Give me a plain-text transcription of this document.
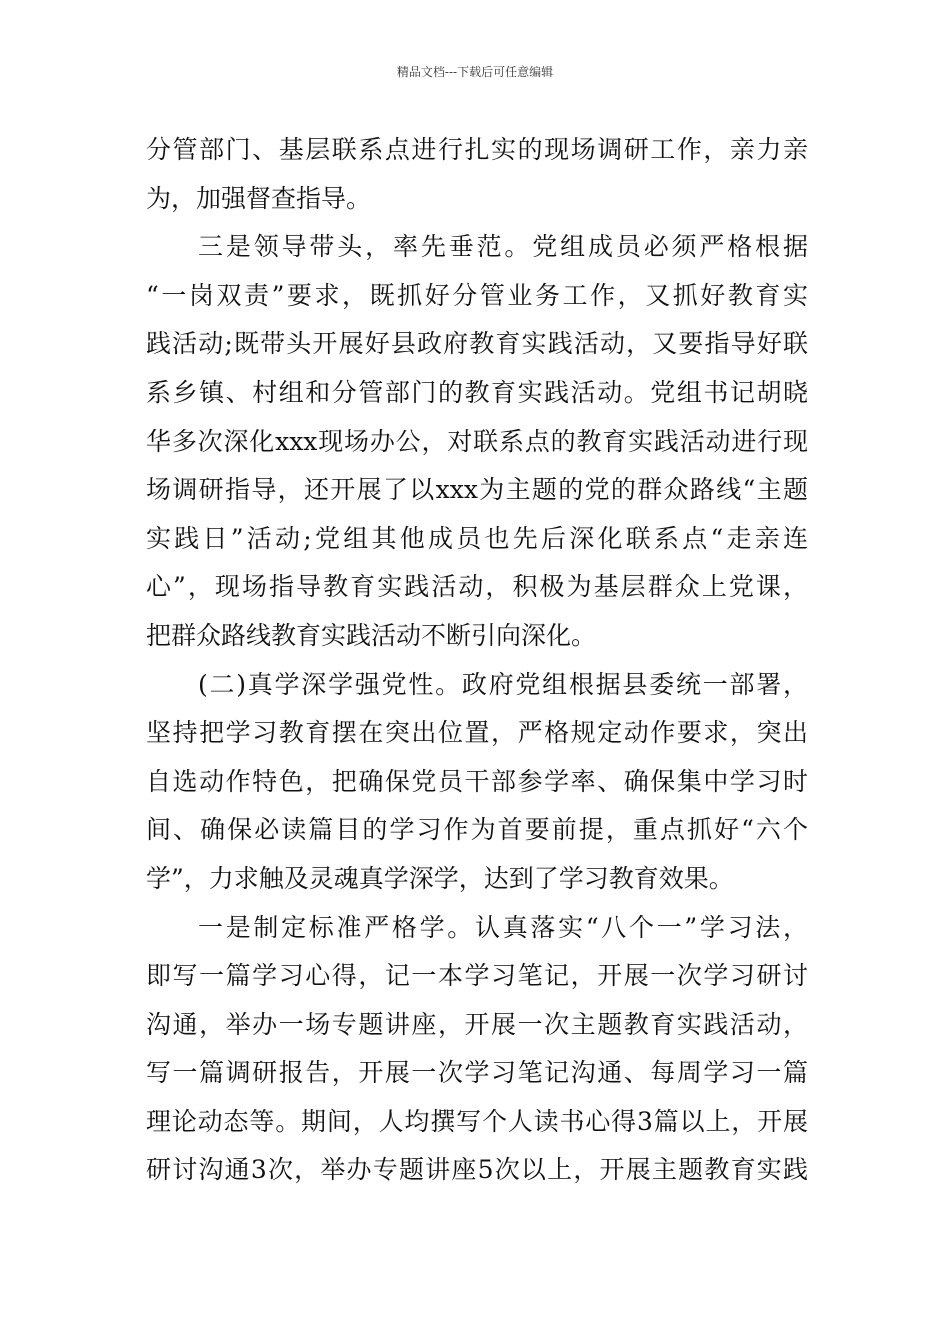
精品文档---下载后可任意编辑
分管部门、基层联系点进行扎实的现场调研工作，亲力亲
为，加强督查指导。
三是领导带头，率先垂范。党组成员必须严格根据
“一岗双责”要求，既抓好分管业务工作，又抓好教育实
践活动;既带头开展好县政府教育实践活动，又要指导好联
系乡镇、村组和分管部门的教育实践活动。党组书记胡晓
华多次深化xxx现场办公，对联系点的教育实践活动进行现
场调研指导，还开展了以xxx为主题的党的群众路线“主题
实践日”活动;党组其他成员也先后深化联系点“走亲连
心”，现场指导教育实践活动，积极为基层群众上党课，
把群众路线教育实践活动不断引向深化。
(二)真学深学强党性。政府党组根据县委统一部署，
坚持把学习教育摆在突出位置，严格规定动作要求，突出
自选动作特色，把确保党员干部参学率、确保集中学习时
间、确保必读篇目的学习作为首要前提，重点抓好“六个
学”，力求触及灵魂真学深学，达到了学习教育效果。
一是制定标准严格学。认真落实“八个一”学习法，
即写一篇学习心得，记一本学习笔记，开展一次学习研讨
沟通，举办一场专题讲座，开展一次主题教育实践活动，
写一篇调研报告，开展一次学习笔记沟通、每周学习一篇
理论动态等。期间，人均撰写个人读书心得3篇以上，开展
研讨沟通3次，举办专题讲座5次以上，开展主题教育实践
